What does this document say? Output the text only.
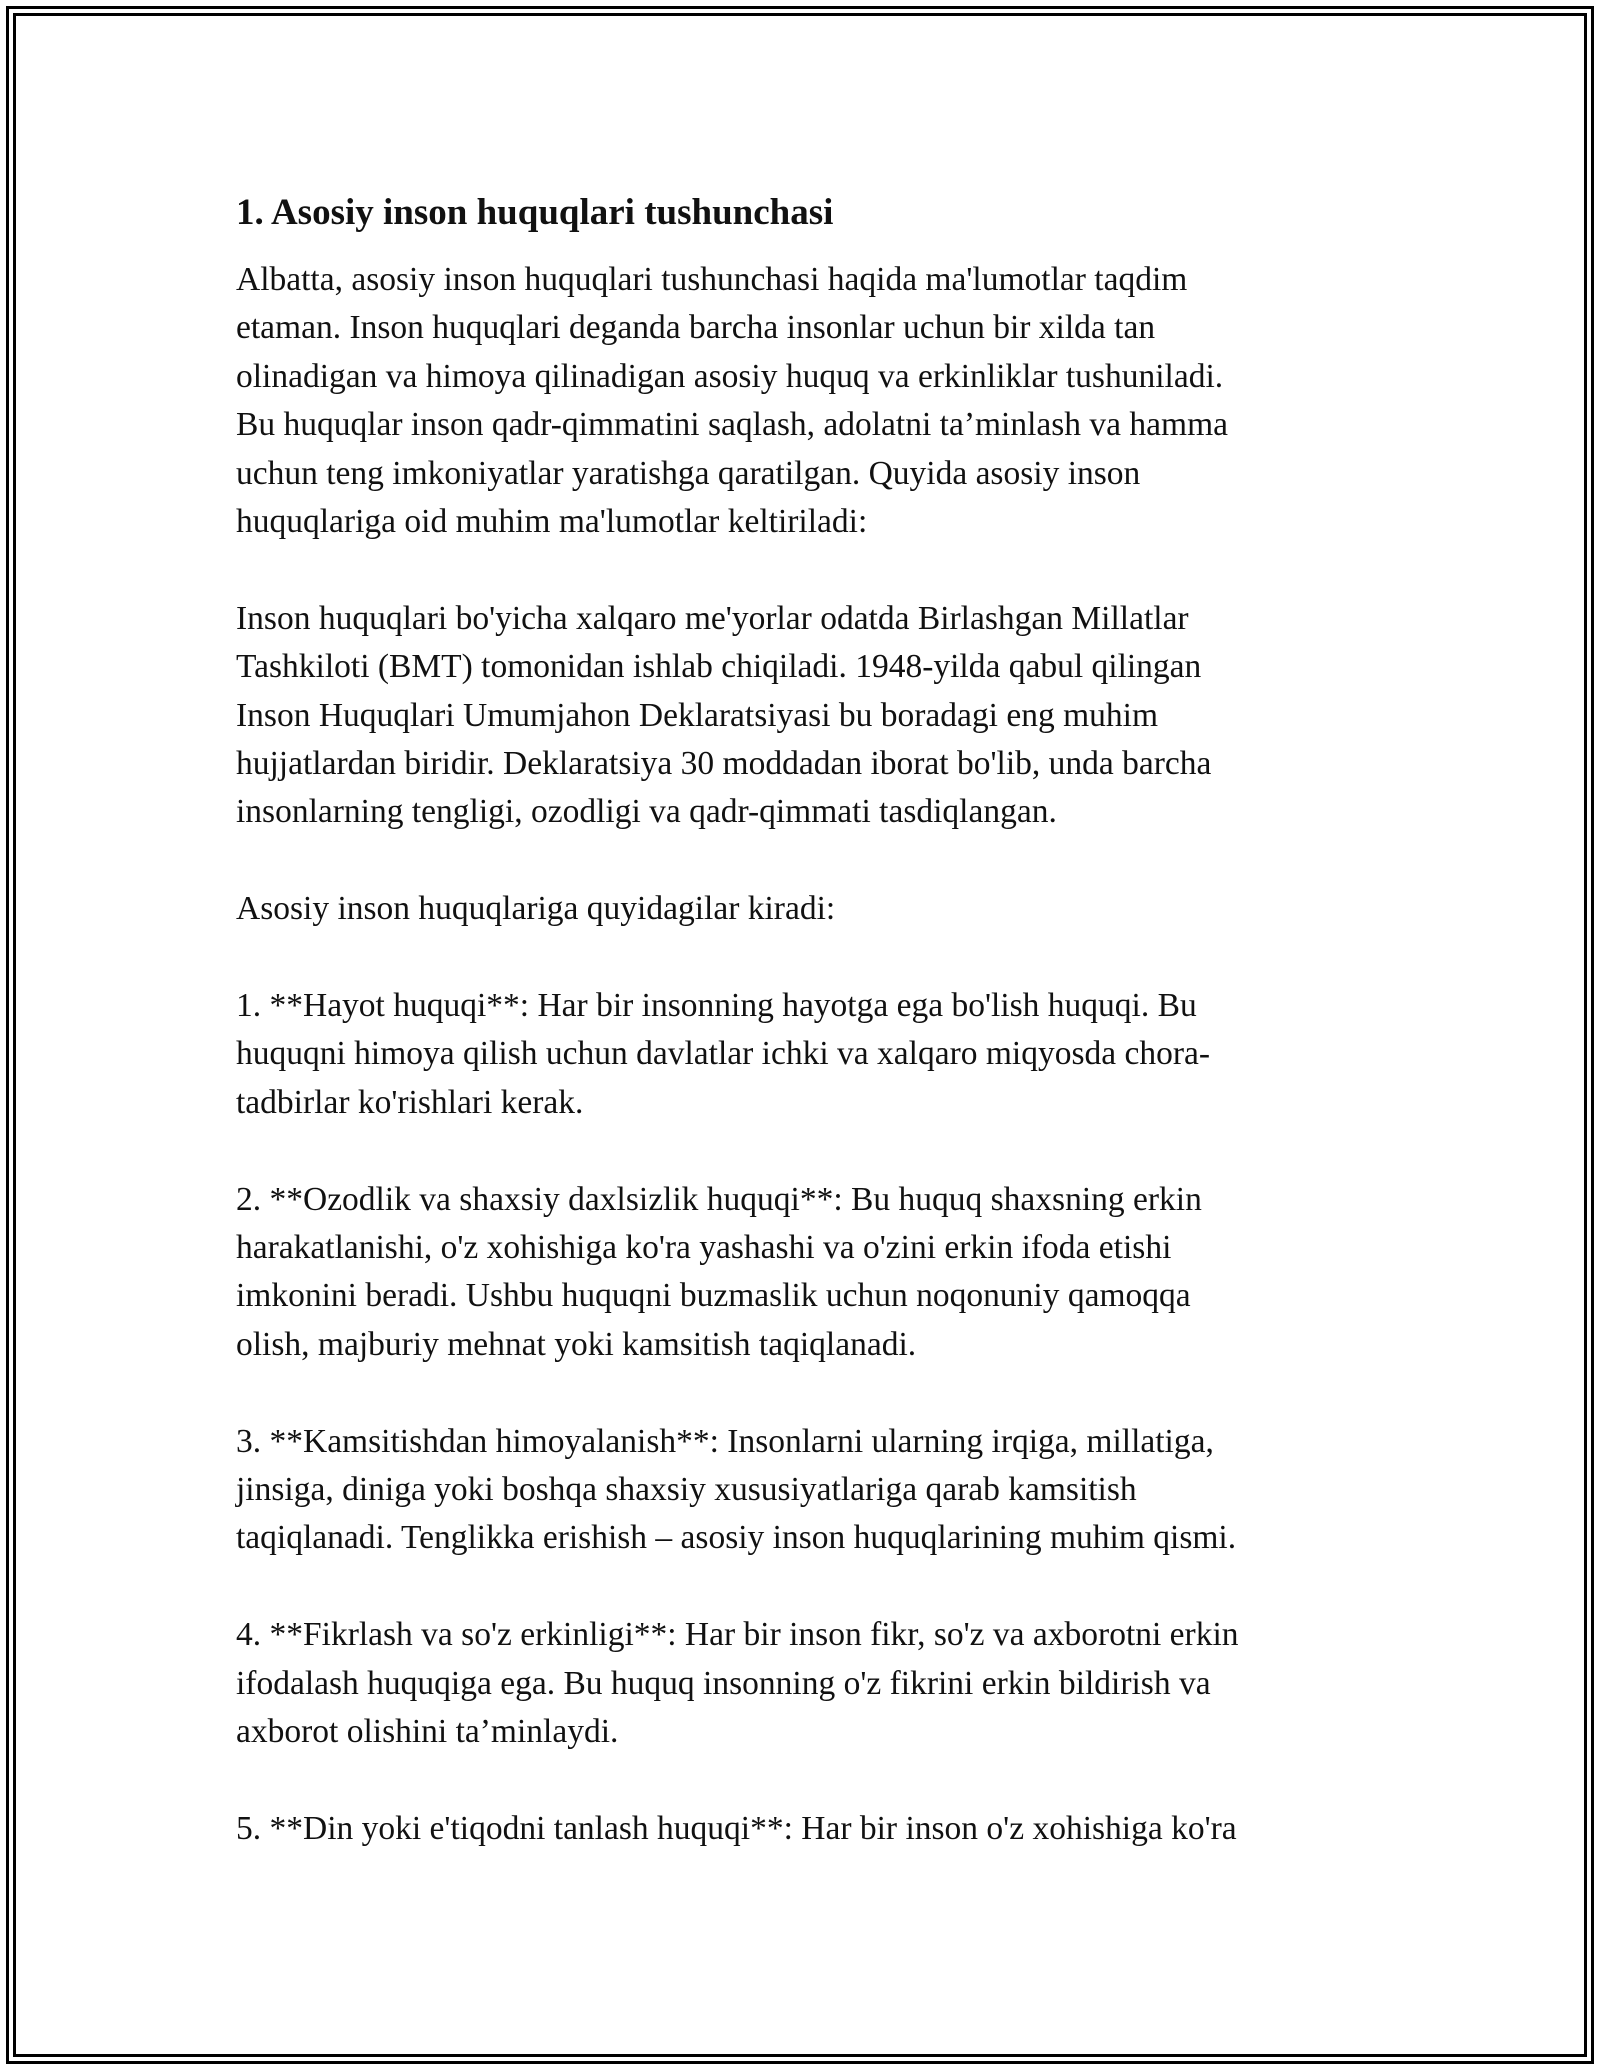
1. Asosiy inson huquqlari tushunchasi
Albatta, asosiy inson huquqlari tushunchasi haqida ma'lumotlar taqdim
etaman. Inson huquqlari deganda barcha insonlar uchun bir xilda tan
olinadigan va himoya qilinadigan asosiy huquq va erkinliklar tushuniladi.
Bu huquqlar inson qadr-qimmatini saqlash, adolatni ta’minlash va hamma
uchun teng imkoniyatlar yaratishga qaratilgan. Quyida asosiy inson
huquqlariga oid muhim ma'lumotlar keltiriladi:
Inson huquqlari bo'yicha xalqaro me'yorlar odatda Birlashgan Millatlar
Tashkiloti (BMT) tomonidan ishlab chiqiladi. 1948-yilda qabul qilingan
Inson Huquqlari Umumjahon Deklaratsiyasi bu boradagi eng muhim
hujjatlardan biridir. Deklaratsiya 30 moddadan iborat bo'lib, unda barcha
insonlarning tengligi, ozodligi va qadr-qimmati tasdiqlangan.
Asosiy inson huquqlariga quyidagilar kiradi:
1. **Hayot huquqi**: Har bir insonning hayotga ega bo'lish huquqi. Bu
huquqni himoya qilish uchun davlatlar ichki va xalqaro miqyosda chora-
tadbirlar ko'rishlari kerak.
2. **Ozodlik va shaxsiy daxlsizlik huquqi**: Bu huquq shaxsning erkin
harakatlanishi, o'z xohishiga ko'ra yashashi va o'zini erkin ifoda etishi
imkonini beradi. Ushbu huquqni buzmaslik uchun noqonuniy qamoqqa
olish, majburiy mehnat yoki kamsitish taqiqlanadi.
3. **Kamsitishdan himoyalanish**: Insonlarni ularning irqiga, millatiga,
jinsiga, diniga yoki boshqa shaxsiy xususiyatlariga qarab kamsitish
taqiqlanadi. Tenglikka erishish – asosiy inson huquqlarining muhim qismi.
4. **Fikrlash va so'z erkinligi**: Har bir inson fikr, so'z va axborotni erkin
ifodalash huquqiga ega. Bu huquq insonning o'z fikrini erkin bildirish va
axborot olishini ta’minlaydi.
5. **Din yoki e'tiqodni tanlash huquqi**: Har bir inson o'z xohishiga ko'ra
